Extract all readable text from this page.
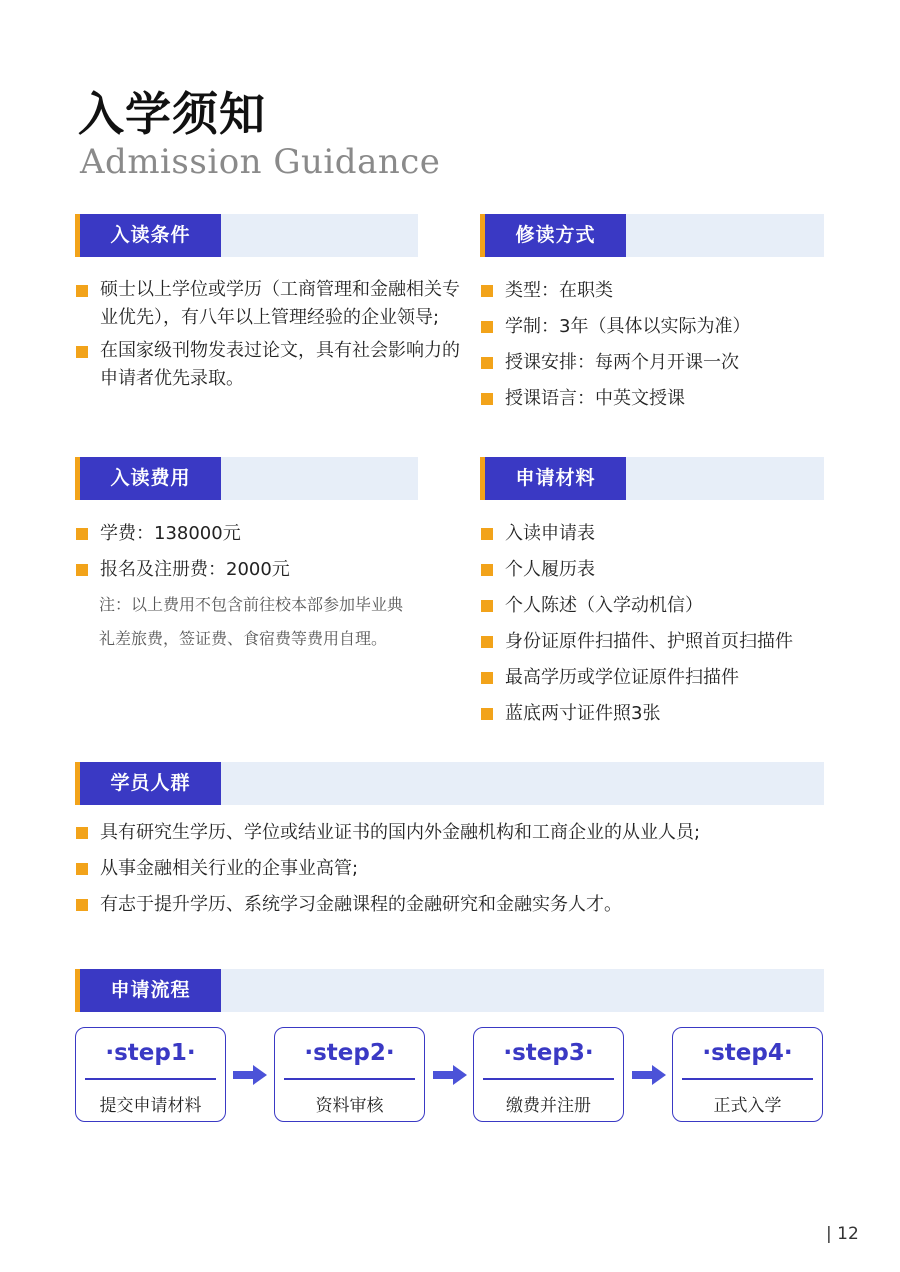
入学须知
Admission Guidance
入读条件
硕士以上学位或学历（工商管理和金融相关专业优先），有八年以上管理经验的企业领导;
在国家级刊物发表过论文，具有社会影响力的申请者优先录取。
修读方式
类型：在职类
学制：3年（具体以实际为准）
授课安排：每两个月开课一次
授课语言：中英文授课
入读费用
学费：138000元
报名及注册费：2000元
注：以上费用不包含前往校本部参加毕业典礼差旅费，签证费、食宿费等费用自理。
申请材料
入读申请表
个人履历表
个人陈述（入学动机信）
身份证原件扫描件、护照首页扫描件
最高学历或学位证原件扫描件
蓝底两寸证件照3张
学员人群
具有研究生学历、学位或结业证书的国内外金融机构和工商企业的从业人员;
从事金融相关行业的企事业高管;
有志于提升学历、系统学习金融课程的金融研究和金融实务人才。
申请流程
·step1·
提交申请材料
·step2·
资料审核
·step3·
缴费并注册
·step4·
正式入学
| 12
